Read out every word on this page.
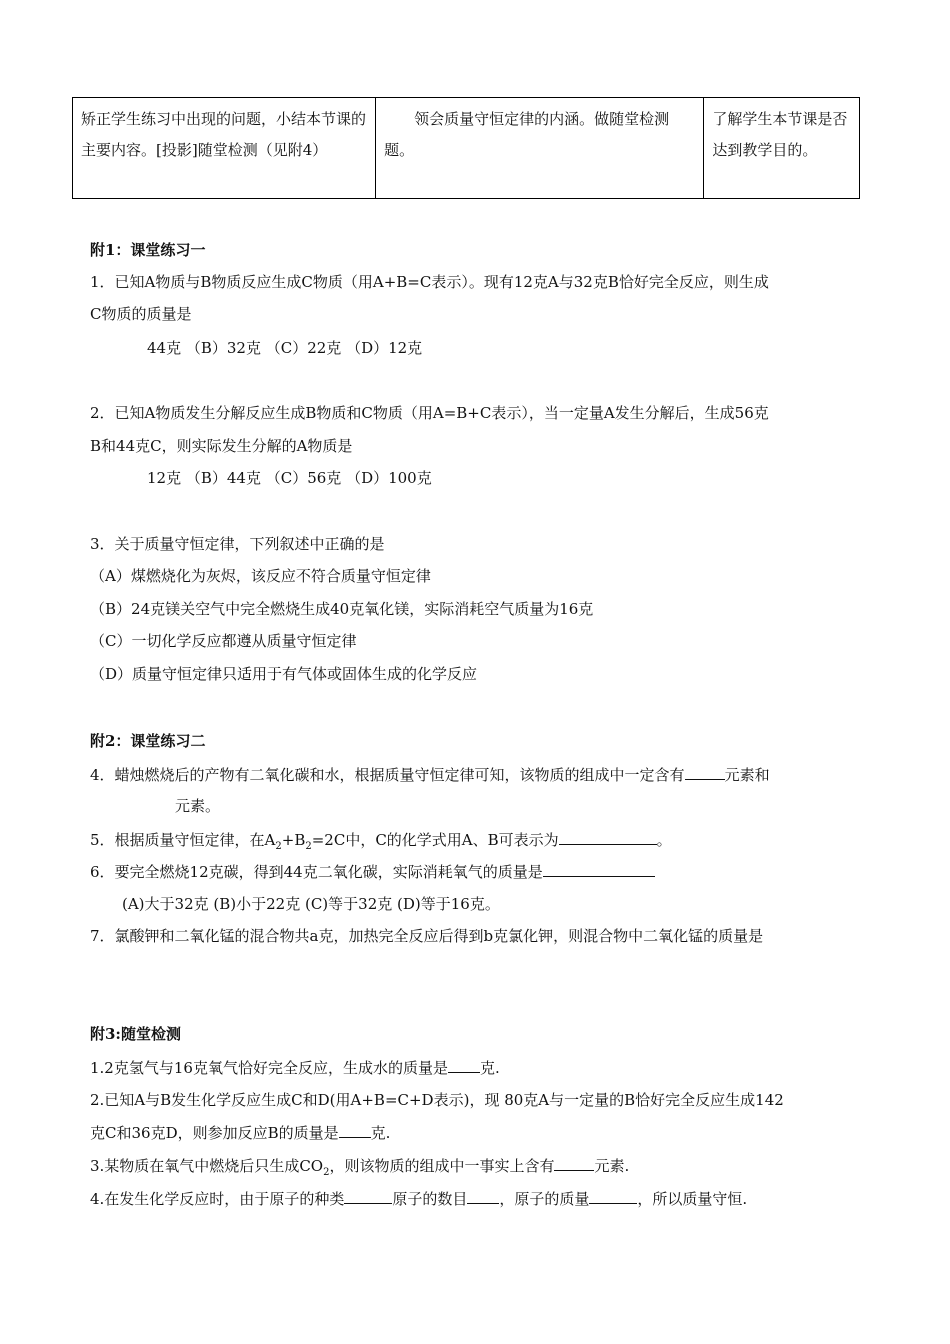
矫正学生练习中出现的问题，小结本节课的主要内容。[投影]随堂检测（见附4）	领会质量守恒定律的内涵。做随堂检测题。	了解学生本节课是否达到教学目的。
附1：课堂练习一
1．已知A物质与B物质反应生成C物质（用A+B=C表示）。现有12克A与32克B恰好完全反应，则生成
C物质的质量是
44克 （B）32克 （C）22克 （D）12克
2．已知A物质发生分解反应生成B物质和C物质（用A=B+C表示），当一定量A发生分解后，生成56克
B和44克C，则实际发生分解的A物质是
12克 （B）44克 （C）56克 （D）100克
3．关于质量守恒定律，下列叙述中正确的是
（A）煤燃烧化为灰烬，该反应不符合质量守恒定律
（B）24克镁关空气中完全燃烧生成40克氧化镁，实际消耗空气质量为16克
（C）一切化学反应都遵从质量守恒定律
（D）质量守恒定律只适用于有气体或固体生成的化学反应
附2：课堂练习二
4．蜡烛燃烧后的产物有二氧化碳和水，根据质量守恒定律可知，该物质的组成中一定含有	元素和
元素。
5．根据质量守恒定律，在$A_2+B_2=2C$中，C的化学式用A、B可表示为	。
6．要完全燃烧12克碳，得到44克二氧化碳，实际消耗氧气的质量是
(A)大于32克 (B)小于22克 (C)等于32克 (D)等于16克。
7．氯酸钾和二氧化锰的混合物共a克，加热完全反应后得到b克氯化钾，则混合物中二氧化锰的质量是
附3:随堂检测
1.2克氢气与16克氧气恰好完全反应，生成水的质量是 克.
2.已知A与B发生化学反应生成C和D(用A+B=C+D表示)，现 80克A与一定量的B恰好完全反应生成142
克C和36克D，则参加反应B的质量是 克.
3.某物质在氧气中燃烧后只生成$CO_2$，则该物质的组成中一事实上含有	元素.
4.在发生化学反应时，由于原子的种类	原子的数目 ，原子的质量	，所以质量守恒.
